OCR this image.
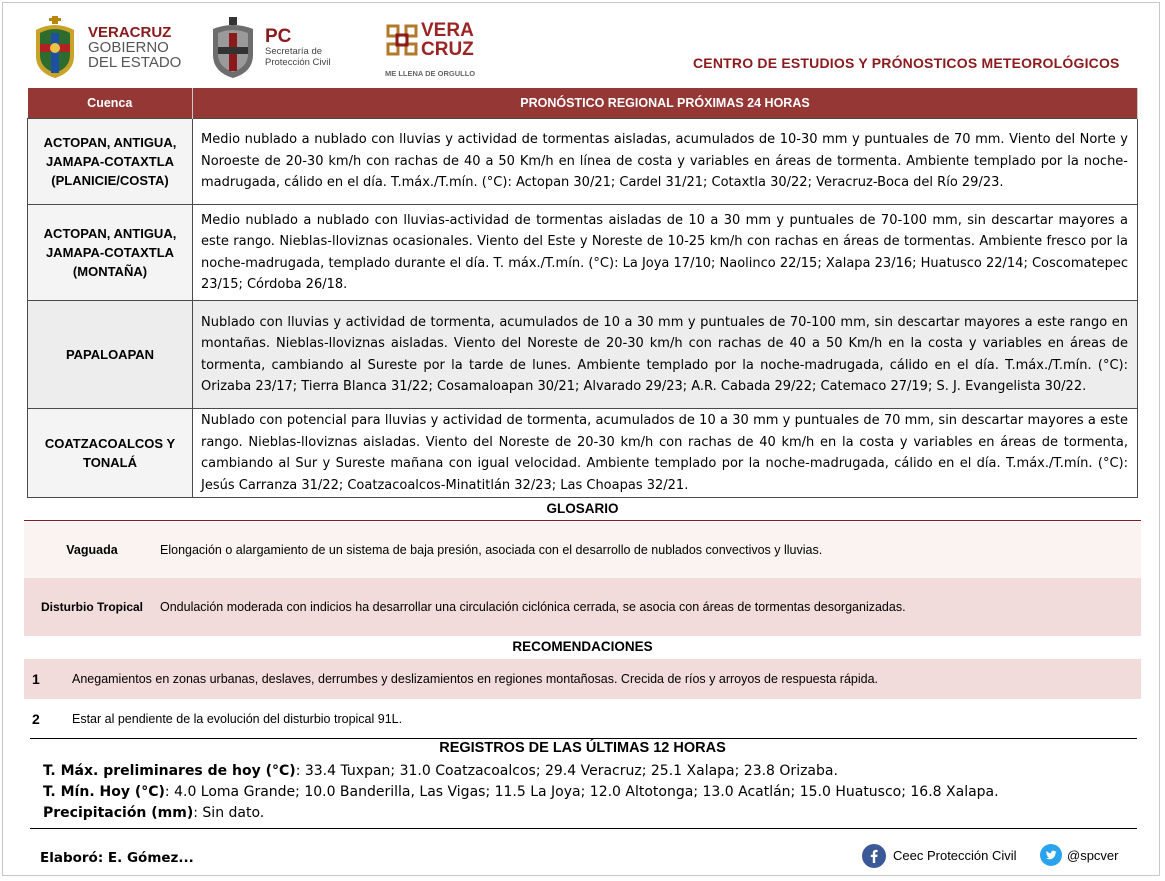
VERACRUZ
GOBIERNO
DEL ESTADO
PC
Secretaría de
Protección Civil
VERA
CRUZ
ME LLENA DE ORGULLO
CENTRO DE ESTUDIOS Y PRÓNOSTICOS METEOROLÓGICOS
Cuenca	PRONÓSTICO REGIONAL PRÓXIMAS 24 HORAS
ACTOPAN, ANTIGUA, JAMAPA-COTAXTLA (PLANICIE/COSTA)	Medio nublado a nublado con lluvias y actividad de tormentas aisladas, acumulados de 10-30 mm y puntuales de 70 mm. Viento del Norte y Noroeste de 20-30 km/h con rachas de 40 a 50 Km/h en línea de costa y variables en áreas de tormenta. Ambiente templado por la noche-madrugada, cálido en el día. T.máx./T.mín. (°C): Actopan 30/21; Cardel 31/21; Cotaxtla 30/22; Veracruz-Boca del Río 29/23.
ACTOPAN, ANTIGUA, JAMAPA-COTAXTLA (MONTAÑA)	Medio nublado a nublado con lluvias-actividad de tormentas aisladas de 10 a 30 mm y puntuales de 70-100 mm, sin descartar mayores a este rango. Nieblas-lloviznas ocasionales. Viento del Este y Noreste de 10-25 km/h con rachas en áreas de tormentas. Ambiente fresco por la noche-madrugada, templado durante el día. T. máx./T.mín. (°C): La Joya 17/10; Naolinco 22/15; Xalapa 23/16; Huatusco 22/14; Coscomatepec 23/15; Córdoba 26/18.
PAPALOAPAN	Nublado con lluvias y actividad de tormenta, acumulados de 10 a 30 mm y puntuales de 70-100 mm, sin descartar mayores a este rango en montañas. Nieblas-lloviznas aisladas. Viento del Noreste de 20-30 km/h con rachas de 40 a 50 Km/h en la costa y variables en áreas de tormenta, cambiando al Sureste por la tarde de lunes. Ambiente templado por la noche-madrugada, cálido en el día. T.máx./T.mín. (°C): Orizaba 23/17; Tierra Blanca 31/22; Cosamaloapan 30/21; Alvarado 29/23; A.R. Cabada 29/22; Catemaco 27/19; S. J. Evangelista 30/22.
COATZACOALCOS Y TONALÁ	Nublado con potencial para lluvias y actividad de tormenta, acumulados de 10 a 30 mm y puntuales de 70 mm, sin descartar mayores a este rango. Nieblas-lloviznas aisladas. Viento del Noreste de 20-30 km/h con rachas de 40 km/h en la costa y variables en áreas de tormenta, cambiando al Sur y Sureste mañana con igual velocidad. Ambiente templado por la noche-madrugada, cálido en el día. T.máx./T.mín. (°C): Jesús Carranza 31/22; Coatzacoalcos-Minatitlán 32/23; Las Choapas 32/21.
GLOSARIO
Vaguada	Elongación o alargamiento de un sistema de baja presión, asociada con el desarrollo de nublados convectivos y lluvias.
Disturbio Tropical	Ondulación moderada con indicios ha desarrollar una circulación ciclónica cerrada, se asocia con áreas de tormentas desorganizadas.
RECOMENDACIONES
1	Anegamientos en zonas urbanas, deslaves, derrumbes y deslizamientos en regiones montañosas. Crecida de ríos y arroyos de respuesta rápida.
2	Estar al pendiente de la evolución del disturbio tropical 91L.
REGISTROS DE LAS ÚLTIMAS 12 HORAS
T. Máx. preliminares de hoy (°C): 33.4 Tuxpan; 31.0 Coatzacoalcos; 29.4 Veracruz; 25.1 Xalapa; 23.8 Orizaba.
T. Mín. Hoy (°C): 4.0 Loma Grande; 10.0 Banderilla, Las Vigas; 11.5 La Joya; 12.0 Altotonga; 13.0 Acatlán; 15.0 Huatusco; 16.8 Xalapa.
Precipitación (mm): Sin dato.
Elaboró: E. Gómez...	Ceec Protección Civil	@spcver
